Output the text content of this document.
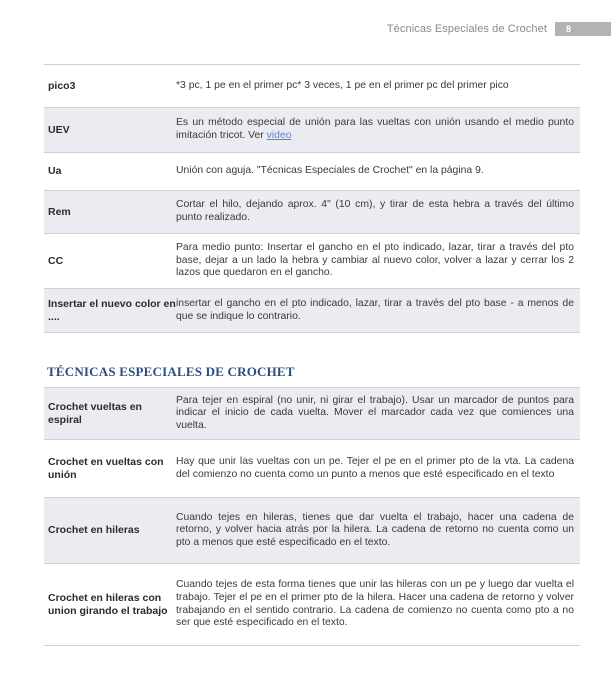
Técnicas Especiales de Crochet	8
pico3	*3 pc, 1 pe en el primer pc* 3 veces, 1 pe en el primer pc del primer pico
UEV	Es un método especial de unión para las vueltas con unión usando el medio punto imitación tricot. Ver video
Ua	Unión con aguja. "Técnicas Especiales de Crochet" en la página 9.
Rem	Cortar el hilo, dejando aprox. 4" (10 cm), y tirar de esta hebra a través del último punto realizado.
CC	Para medio punto: Insertar el gancho en el pto indicado, lazar, tirar a través del pto base, dejar a un lado la hebra y cambiar al nuevo color, volver a lazar y cerrar los 2 lazos que quedaron en el gancho.
Insertar el nuevo color en ....	insertar el gancho en el pto indicado, lazar, tirar a través del pto base - a menos de que se indique lo contrario.
TÉCNICAS ESPECIALES DE CROCHET
Crochet vueltas en espiral	Para tejer en espiral (no unir, ni girar el trabajo). Usar un marcador de puntos para indicar el inicio de cada vuelta. Mover el marcador cada vez que comiences una vuelta.
Crochet en vueltas con unión	Hay que unir las vueltas con un pe. Tejer el pe en el primer pto de la vta. La cadena del comienzo no cuenta como un punto a menos que esté especificado en el texto
Crochet en hileras	Cuando tejes en hileras, tienes que dar vuelta el trabajo, hacer una cadena de retorno, y volver hacia atrás por la hilera. La cadena de retorno no cuenta como un pto a menos que esté especificado en el texto.
Crochet en hileras con union girando el trabajo	Cuando tejes de esta forma tienes que unir las hileras con un pe y luego dar vuelta el trabajo. Tejer el pe en el primer pto de la hilera. Hacer una cadena de retorno y volver trabajando en el sentido contrario. La cadena de comienzo no cuenta como pto a no ser que esté especificado en el texto.
